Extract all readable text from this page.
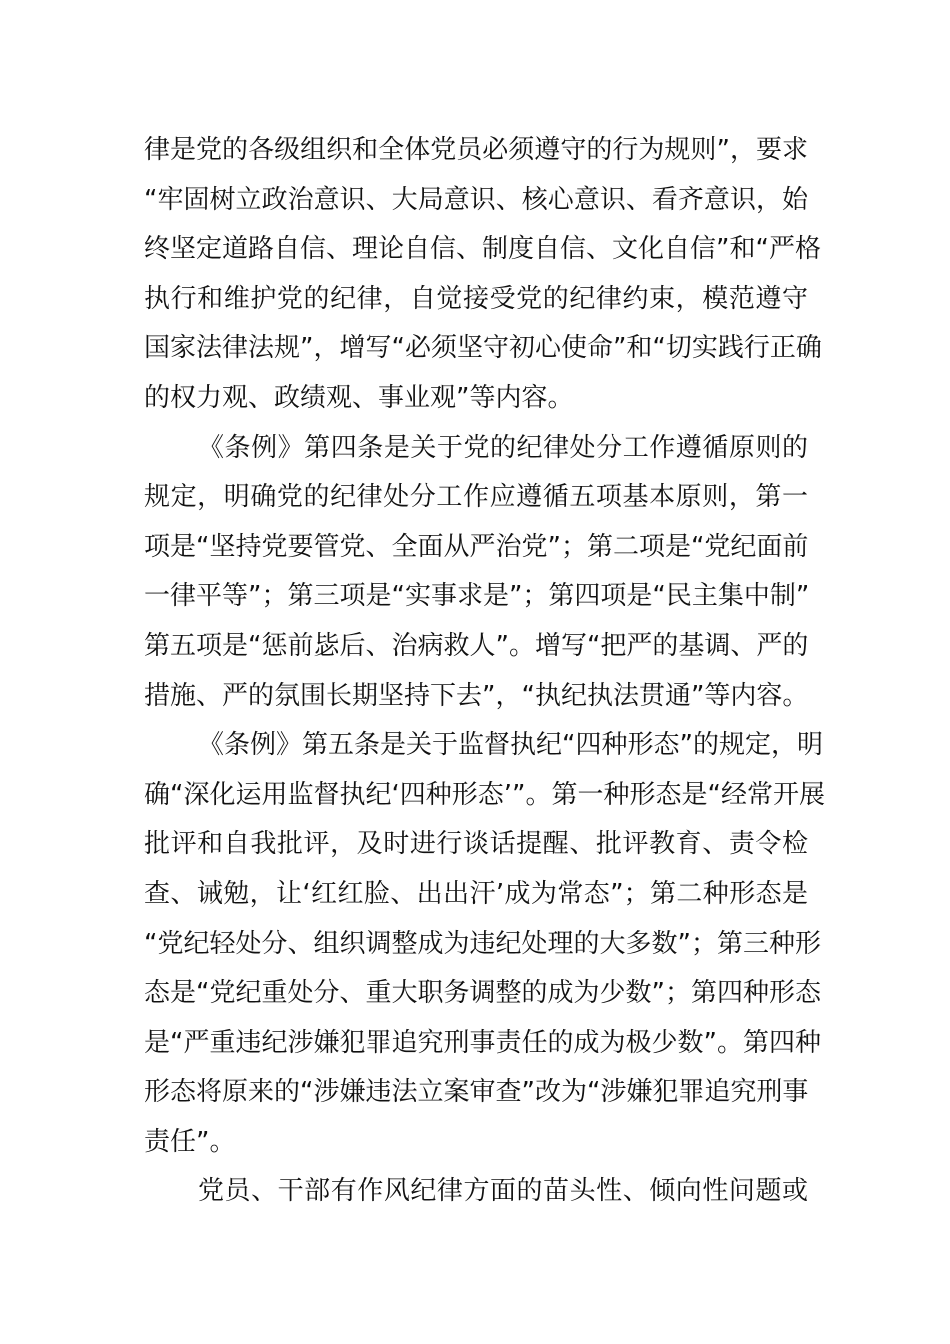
律是党的各级组织和全体党员必须遵守的行为规则”，要求
“牢固树立政治意识、大局意识、核心意识、看齐意识，始
终坚定道路自信、理论自信、制度自信、文化自信”和“严格
执行和维护党的纪律，自觉接受党的纪律约束，模范遵守
国家法律法规”，增写“必须坚守初心使命”和“切实践行正确
的权力观、政绩观、事业观”等内容。
《条例》第四条是关于党的纪律处分工作遵循原则的
规定，明确党的纪律处分工作应遵循五项基本原则，第一
项是“坚持党要管党、全面从严治党”；第二项是“党纪面前
一律平等”；第三项是“实事求是”；第四项是“民主集中制”
第五项是“惩前毖后、治病救人”。增写“把严的基调、严的
措施、严的氛围长期坚持下去”，“执纪执法贯通”等内容。
《条例》第五条是关于监督执纪“四种形态”的规定，明
确“深化运用监督执纪‘四种形态’”。第一种形态是“经常开展
批评和自我批评，及时进行谈话提醒、批评教育、责令检
查、诫勉，让‘红红脸、出出汗’成为常态”；第二种形态是
“党纪轻处分、组织调整成为违纪处理的大多数”；第三种形
态是“党纪重处分、重大职务调整的成为少数”；第四种形态
是“严重违纪涉嫌犯罪追究刑事责任的成为极少数”。第四种
形态将原来的“涉嫌违法立案审查”改为“涉嫌犯罪追究刑事
责任”。
党员、干部有作风纪律方面的苗头性、倾向性问题或
